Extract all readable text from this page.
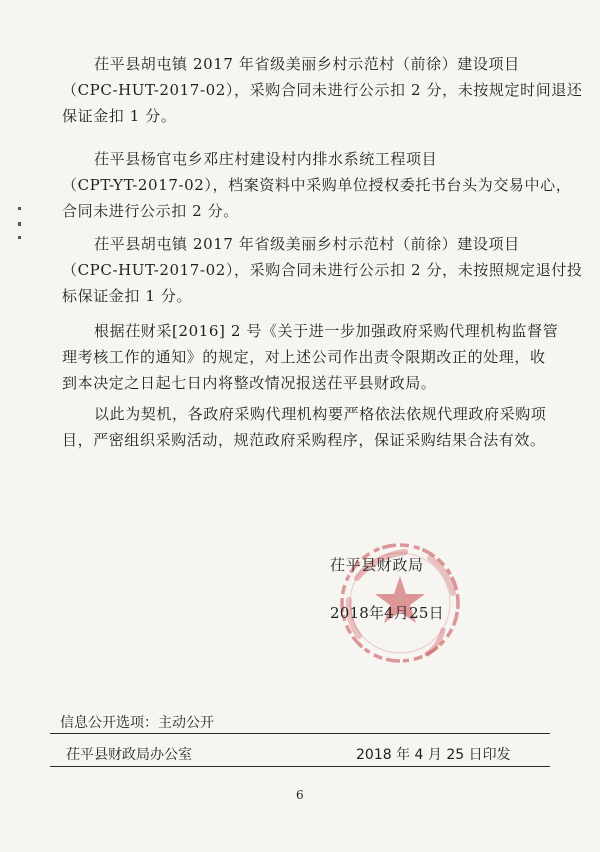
茌平县胡屯镇 2017 年省级美丽乡村示范村（前徐）建设项目
（CPC-HUT-2017-02），采购合同未进行公示扣 2 分，未按规定时间退还
保证金扣 1 分。

茌平县杨官屯乡邓庄村建设村内排水系统工程项目
（CPT-YT-2017-02），档案资料中采购单位授权委托书台头为交易中心，
合同未进行公示扣 2 分。

茌平县胡屯镇 2017 年省级美丽乡村示范村（前徐）建设项目
（CPC-HUT-2017-02），采购合同未进行公示扣 2 分，未按照规定退付投
标保证金扣 1 分。

根据茌财采[2016] 2 号《关于进一步加强政府采购代理机构监督管
理考核工作的通知》的规定，对上述公司作出责令限期改正的处理，收
到本决定之日起七日内将整改情况报送茌平县财政局。

以此为契机，各政府采购代理机构要严格依法依规代理政府采购项
目，严密组织采购活动，规范政府采购程序，保证采购结果合法有效。

茌平县财政局
2018年4月25日
信息公开选项：主动公开
茌平县财政局办公室	2018 年 4 月 25 日印发
6
